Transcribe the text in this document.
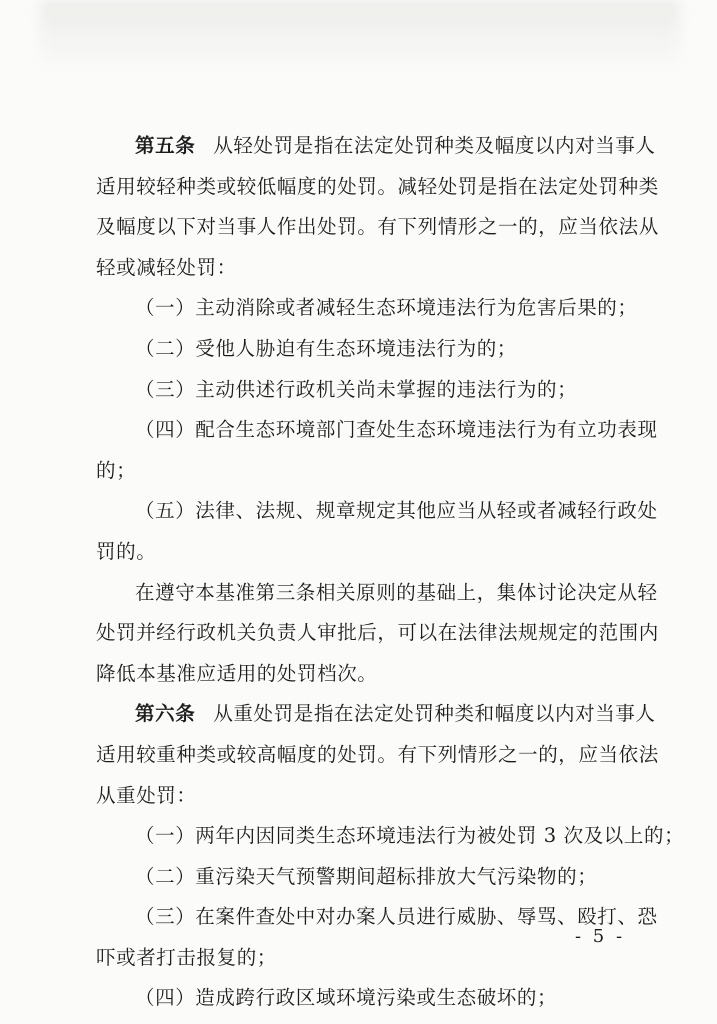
第五条 从轻处罚是指在法定处罚种类及幅度以内对当事人
适用较轻种类或较低幅度的处罚。减轻处罚是指在法定处罚种类
及幅度以下对当事人作出处罚。有下列情形之一的，应当依法从
轻或减轻处罚：
（一）主动消除或者减轻生态环境违法行为危害后果的；
（二）受他人胁迫有生态环境违法行为的；
（三）主动供述行政机关尚未掌握的违法行为的；
（四）配合生态环境部门查处生态环境违法行为有立功表现
的；
（五）法律、法规、规章规定其他应当从轻或者减轻行政处
罚的。
在遵守本基准第三条相关原则的基础上，集体讨论决定从轻
处罚并经行政机关负责人审批后，可以在法律法规规定的范围内
降低本基准应适用的处罚档次。
第六条 从重处罚是指在法定处罚种类和幅度以内对当事人
适用较重种类或较高幅度的处罚。有下列情形之一的，应当依法
从重处罚：
（一）两年内因同类生态环境违法行为被处罚 3 次及以上的；
（二）重污染天气预警期间超标排放大气污染物的；
（三）在案件查处中对办案人员进行威胁、辱骂、殴打、恐
吓或者打击报复的；
（四）造成跨行政区域环境污染或生态破坏的；
- 5 -
